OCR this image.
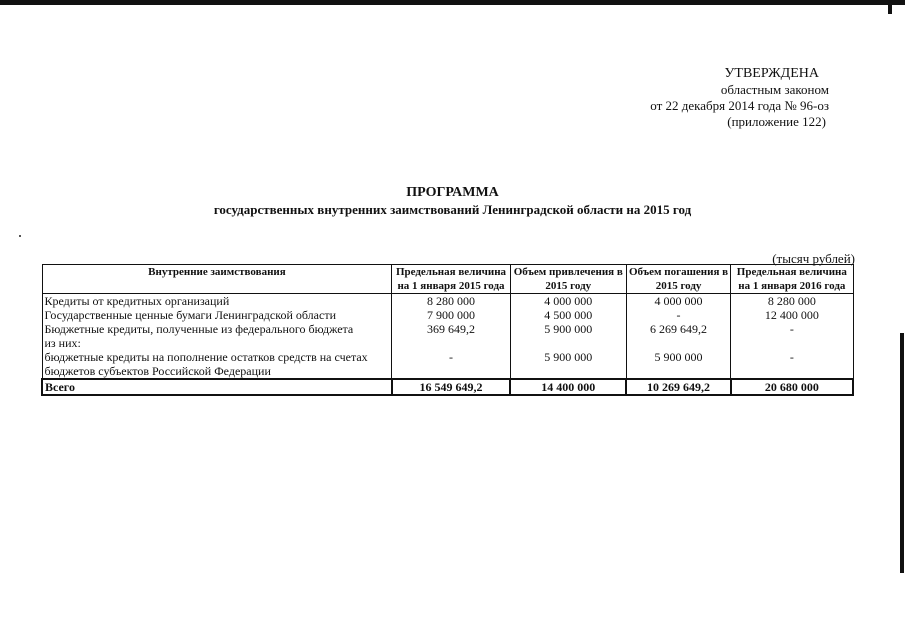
УТВЕРЖДЕНА
областным законом
от 22 декабря 2014 года № 96-оз
(приложение 122)
ПРОГРАММА
государственных внутренних заимствований Ленинградской области на 2015 год
(тысяч рублей)
Внутренние заимствования	Предельная величина на 1 января 2015 года	Объем привлечения в 2015 году	Объем погашения в 2015 году	Предельная величина на 1 января 2016 года
Кредиты от кредитных организаций	8 280 000	4 000 000	4 000 000	8 280 000
Государственные ценные бумаги Ленинградской области	7 900 000	4 500 000	-	12 400 000
Бюджетные кредиты, полученные из федерального бюджета	369 649,2	5 900 000	6 269 649,2	-
из них:				
бюджетные кредиты на пополнение остатков средств на счетах бюджетов субъектов Российской Федерации	-	5 900 000	5 900 000	-
Всего	16 549 649,2	14 400 000	10 269 649,2	20 680 000
